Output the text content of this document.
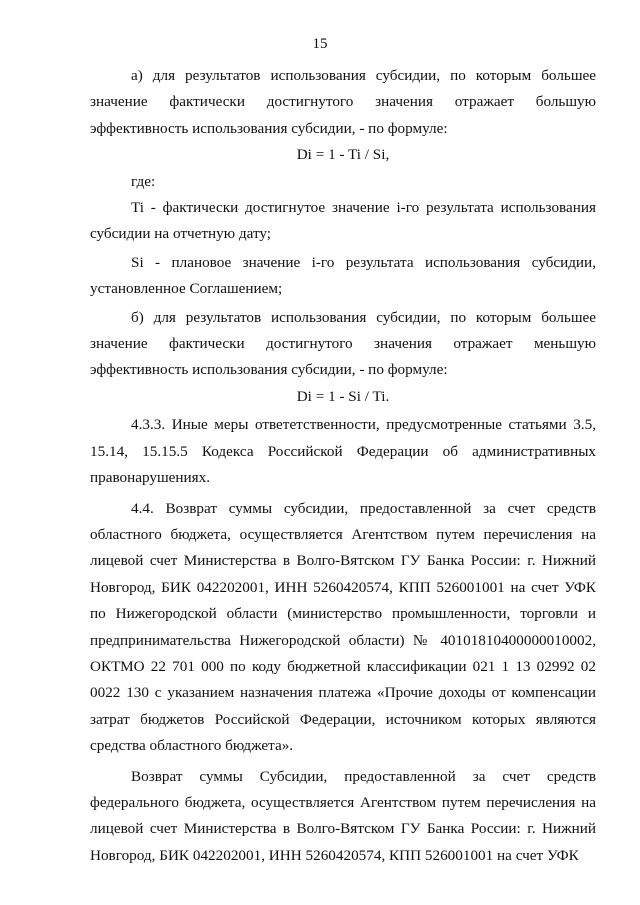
15

а) для результатов использования субсидии, по которым большее значение фактически достигнутого значения отражает большую эффективность использования субсидии, - по формуле:

Di = 1 - Ti / Si,

где:

Ti - фактически достигнутое значение i-го результата использования субсидии на отчетную дату;

Si - плановое значение i-го результата использования субсидии, установленное Соглашением;

б) для результатов использования субсидии, по которым большее значение фактически достигнутого значения отражает меньшую эффективность использования субсидии, - по формуле:

Di = 1 - Si / Ti.

4.3.3. Иные меры ответетственности, предусмотренные статьями 3.5, 15.14, 15.15.5 Кодекса Российской Федерации об административных правонарушениях.

4.4. Возврат суммы субсидии, предоставленной за счет средств областного бюджета, осуществляется Агентством путем перечисления на лицевой счет Министерства в Волго-Вятском ГУ Банка России: г. Нижний Новгород, БИК 042202001, ИНН 5260420574, КПП 526001001 на счет УФК по Нижегородской области (министерство промышленности, торговли и предпринимательства Нижегородской области) № 40101810400000010002, ОКТМО 22 701 000 по коду бюджетной классификации 021 1 13 02992 02 0022 130 с указанием назначения платежа «Прочие доходы от компенсации затрат бюджетов Российской Федерации, источником которых являются средства областного бюджета».

Возврат суммы Субсидии, предоставленной за счет средств федерального бюджета, осуществляется Агентством путем перечисления на лицевой счет Министерства в Волго-Вятском ГУ Банка России: г. Нижний Новгород, БИК 042202001, ИНН 5260420574, КПП 526001001 на счет УФК
